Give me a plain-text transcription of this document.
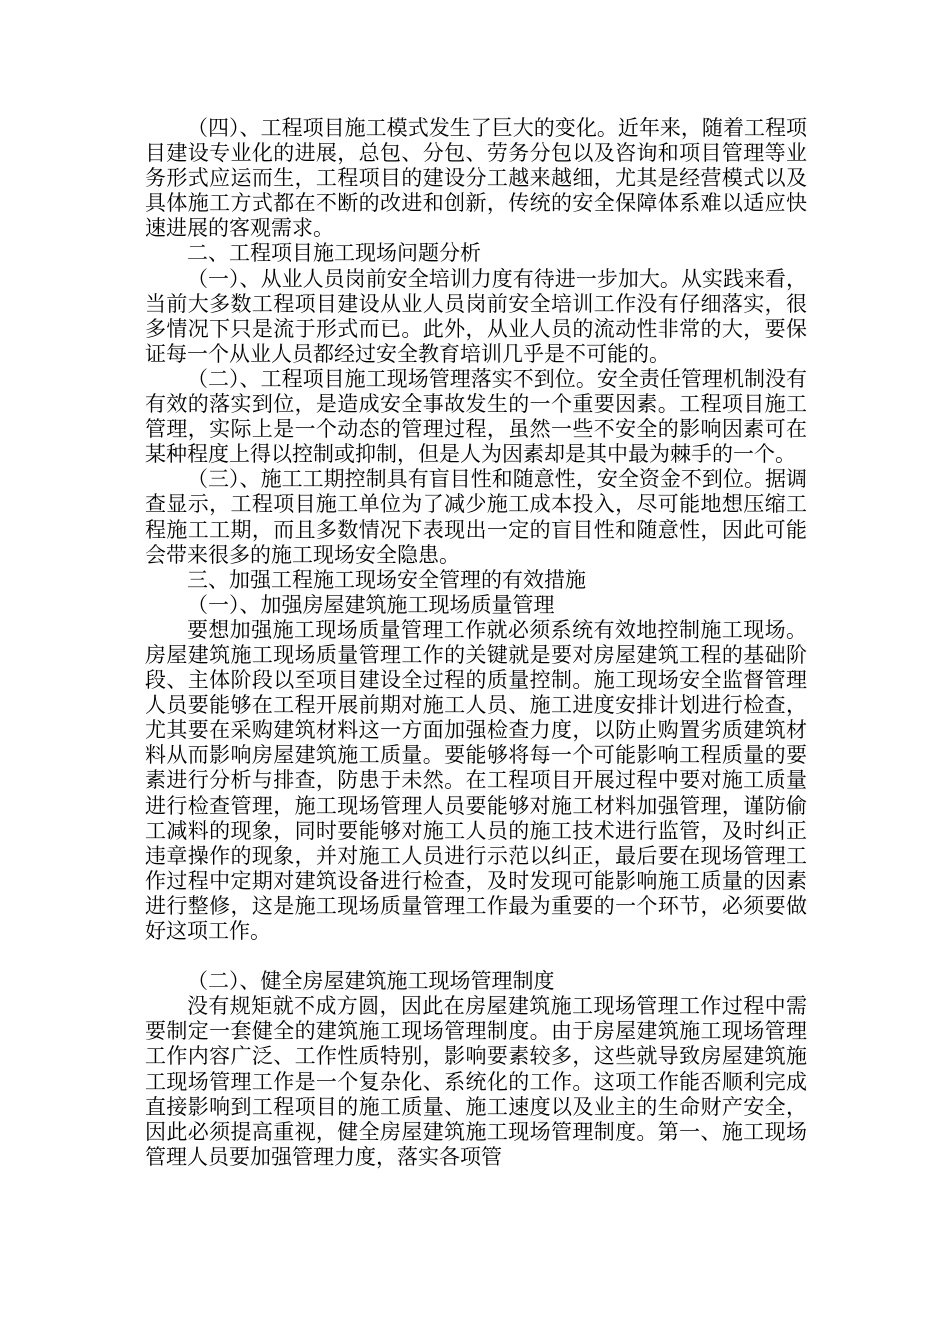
（四）、工程项目施工模式发生了巨大的变化。近年来，随着工程项目建设专业化的进展，总包、分包、劳务分包以及咨询和项目管理等业务形式应运而生，工程项目的建设分工越来越细，尤其是经营模式以及具体施工方式都在不断的改进和创新，传统的安全保障体系难以适应快速进展的客观需求。

二、工程项目施工现场问题分析

（一）、从业人员岗前安全培训力度有待进一步加大。从实践来看，当前大多数工程项目建设从业人员岗前安全培训工作没有仔细落实，很多情况下只是流于形式而已。此外，从业人员的流动性非常的大，要保证每一个从业人员都经过安全教育培训几乎是不可能的。

（二）、工程项目施工现场管理落实不到位。安全责任管理机制没有有效的落实到位，是造成安全事故发生的一个重要因素。工程项目施工管理，实际上是一个动态的管理过程，虽然一些不安全的影响因素可在某种程度上得以控制或抑制，但是人为因素却是其中最为棘手的一个。

（三）、施工工期控制具有盲目性和随意性，安全资金不到位。据调查显示，工程项目施工单位为了减少施工成本投入，尽可能地想压缩工程施工工期，而且多数情况下表现出一定的盲目性和随意性，因此可能会带来很多的施工现场安全隐患。

三、加强工程施工现场安全管理的有效措施

（一）、加强房屋建筑施工现场质量管理

要想加强施工现场质量管理工作就必须系统有效地控制施工现场。房屋建筑施工现场质量管理工作的关键就是要对房屋建筑工程的基础阶段、主体阶段以至项目建设全过程的质量控制。施工现场安全监督管理人员要能够在工程开展前期对施工人员、施工进度安排计划进行检查，尤其要在采购建筑材料这一方面加强检查力度，以防止购置劣质建筑材料从而影响房屋建筑施工质量。要能够将每一个可能影响工程质量的要素进行分析与排查，防患于未然。在工程项目开展过程中要对施工质量进行检查管理，施工现场管理人员要能够对施工材料加强管理，谨防偷工减料的现象，同时要能够对施工人员的施工技术进行监管，及时纠正违章操作的现象，并对施工人员进行示范以纠正，最后要在现场管理工作过程中定期对建筑设备进行检查，及时发现可能影响施工质量的因素进行整修，这是施工现场质量管理工作最为重要的一个环节，必须要做好这项工作。

（二）、健全房屋建筑施工现场管理制度

没有规矩就不成方圆，因此在房屋建筑施工现场管理工作过程中需要制定一套健全的建筑施工现场管理制度。由于房屋建筑施工现场管理工作内容广泛、工作性质特别，影响要素较多，这些就导致房屋建筑施工现场管理工作是一个复杂化、系统化的工作。这项工作能否顺利完成直接影响到工程项目的施工质量、施工速度以及业主的生命财产安全，因此必须提高重视，健全房屋建筑施工现场管理制度。第一、施工现场管理人员要加强管理力度，落实各项管
